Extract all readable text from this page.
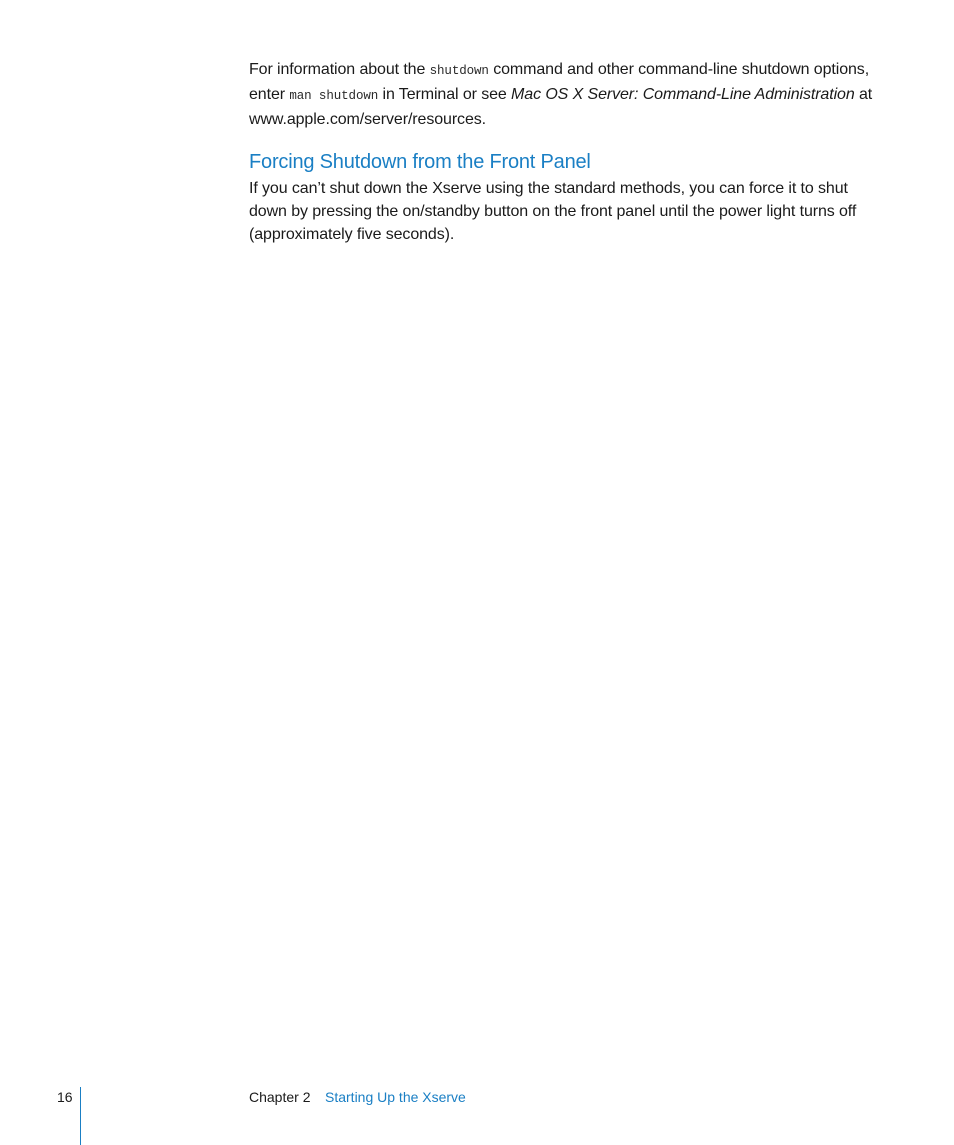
For information about the shutdown command and other command-line shutdown options, enter man shutdown in Terminal or see Mac OS X Server: Command-Line Administration at www.apple.com/server/resources.

Forcing Shutdown from the Front Panel

If you can’t shut down the Xserve using the standard methods, you can force it to shut down by pressing the on/standby button on the front panel until the power light turns off (approximately five seconds).

16	Chapter 2 Starting Up the Xserve
